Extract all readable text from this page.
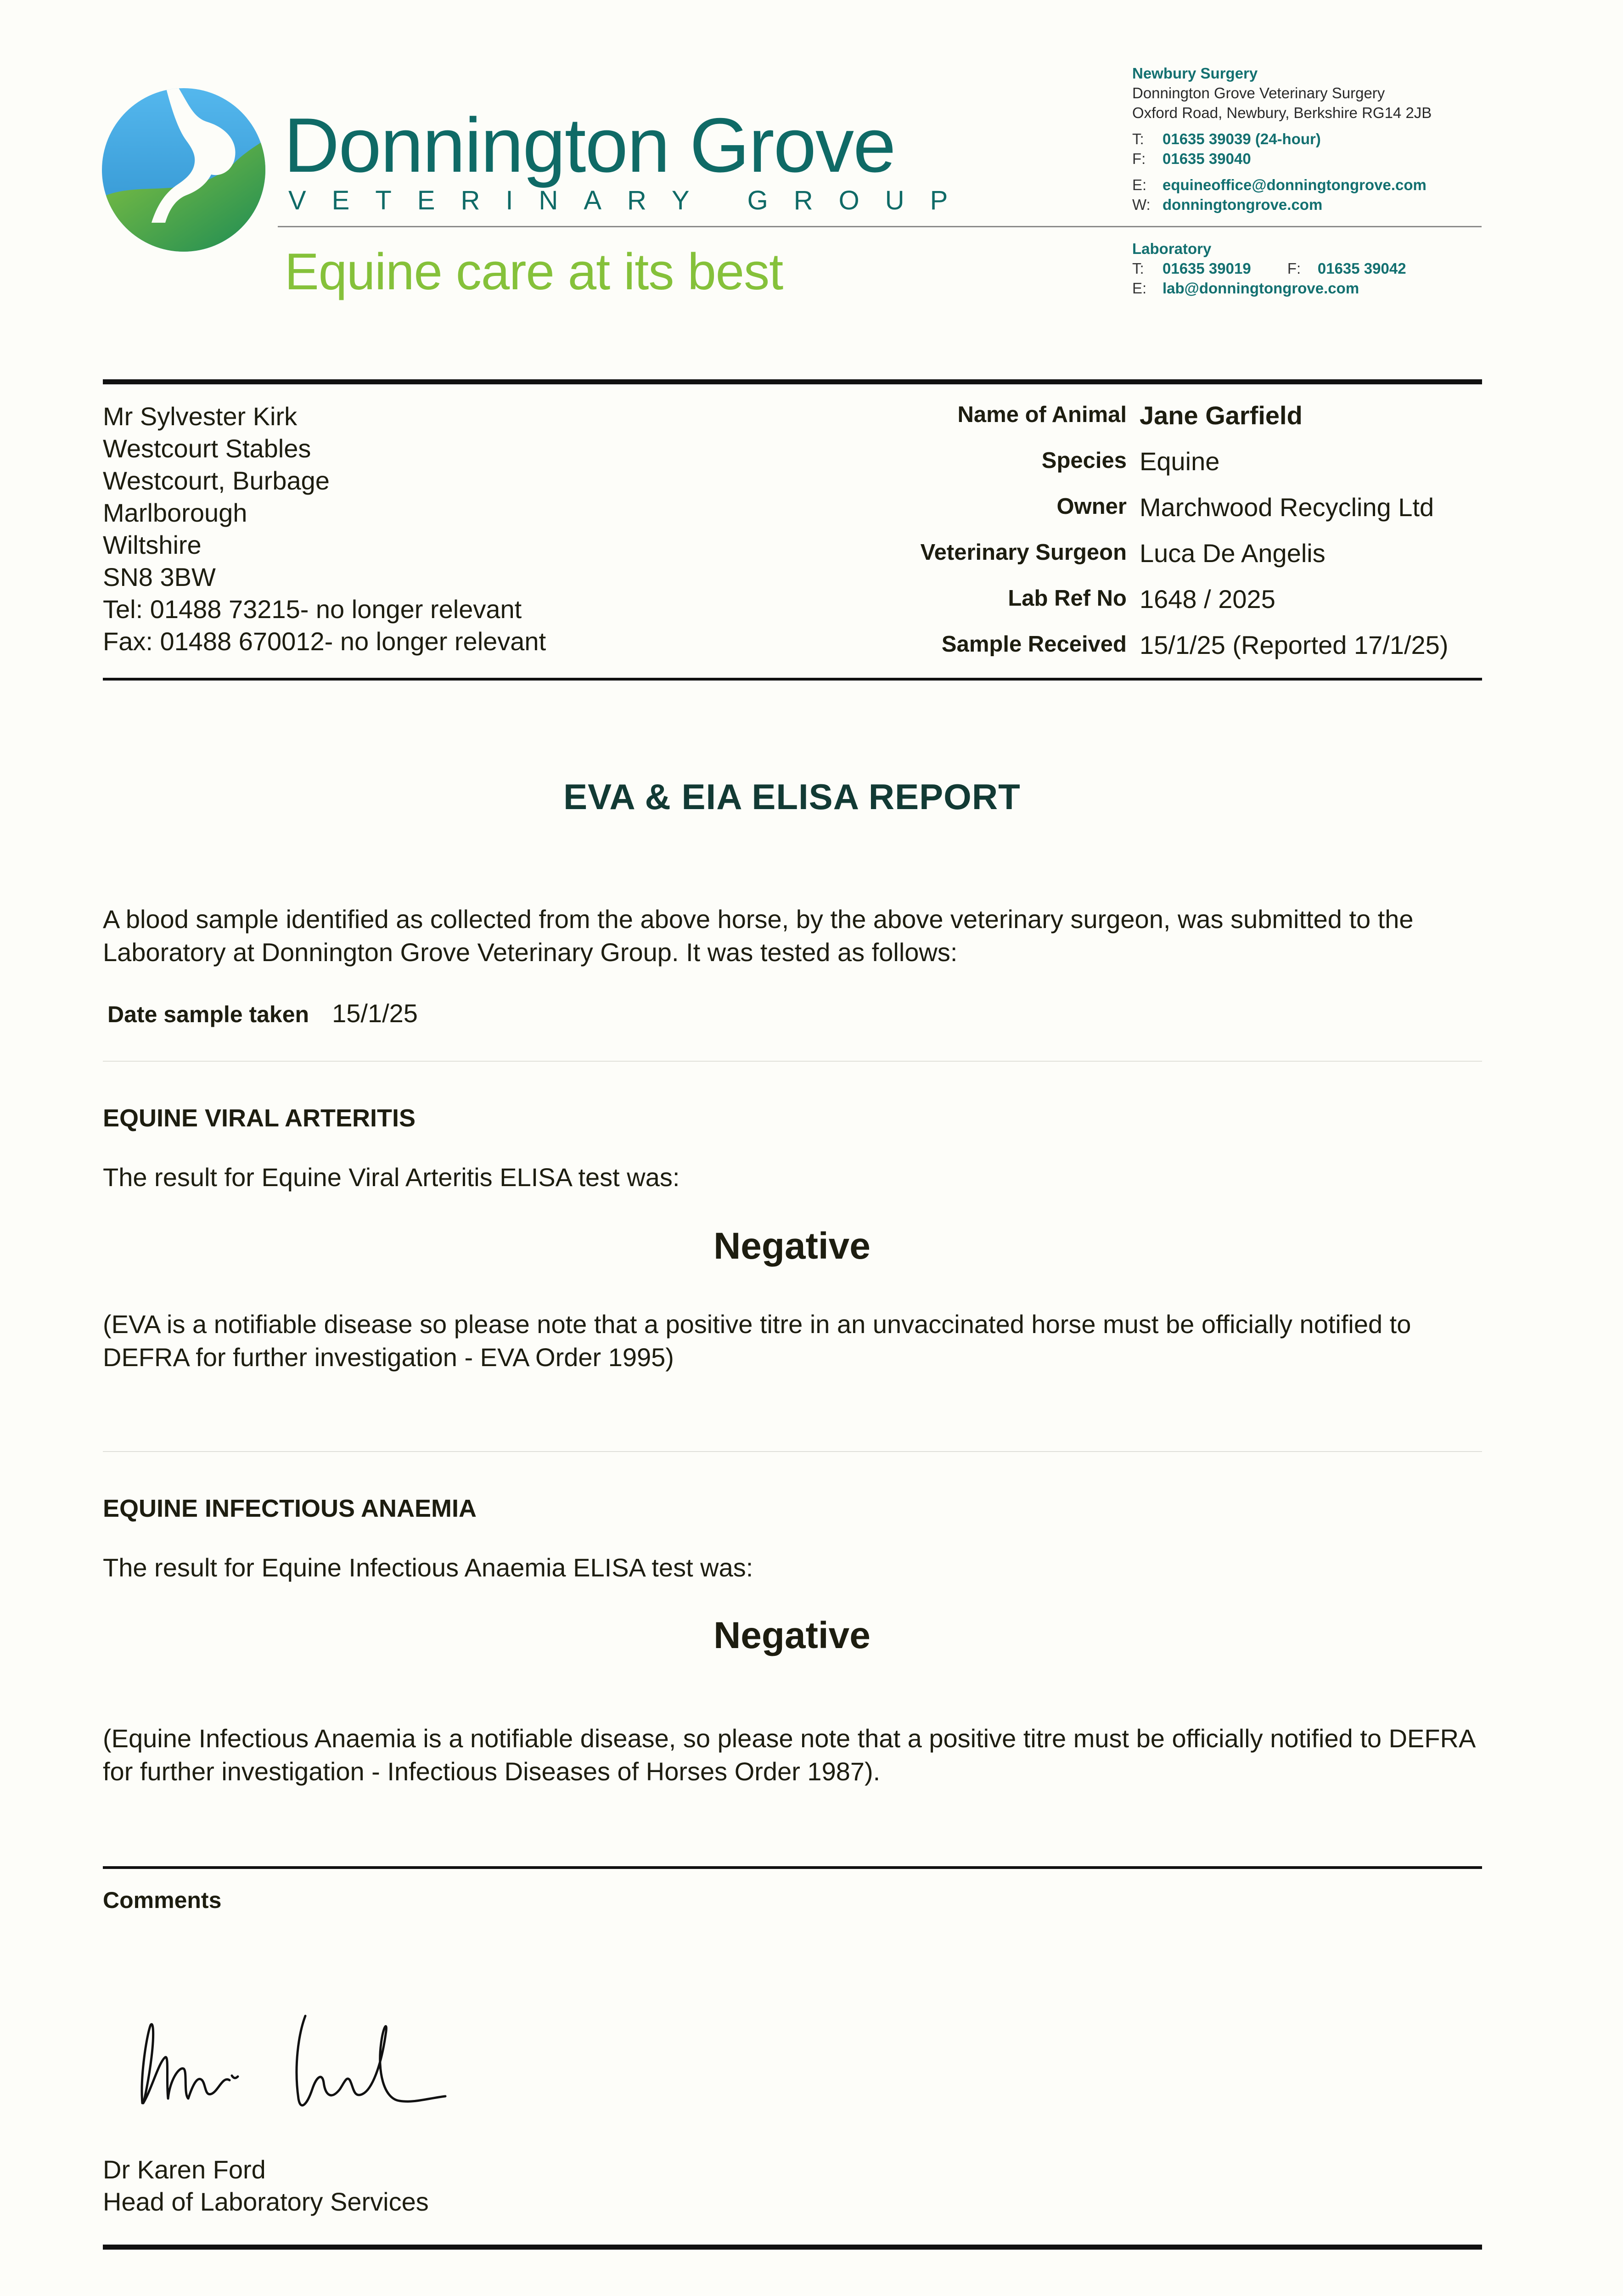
Donnington Grove
VETERINARY GROUP
Equine care at its best
Newbury Surgery
Donnington Grove Veterinary Surgery
Oxford Road, Newbury, Berkshire RG14 2JB
T: 01635 39039 (24-hour)
F: 01635 39040
E: equineoffice@donningtongrove.com
W: donningtongrove.com
Laboratory
T: 01635 39019 F: 01635 39042
E: lab@donningtongrove.com
Mr Sylvester Kirk
Westcourt Stables
Westcourt, Burbage
Marlborough
Wiltshire
SN8 3BW
Tel: 01488 73215- no longer relevant
Fax: 01488 670012- no longer relevant
Name of Animal Jane Garfield
Species Equine
Owner Marchwood Recycling Ltd
Veterinary Surgeon Luca De Angelis
Lab Ref No 1648 / 2025
Sample Received 15/1/25 (Reported 17/1/25)
EVA & EIA ELISA REPORT
A blood sample identified as collected from the above horse, by the above veterinary surgeon, was submitted to the Laboratory at Donnington Grove Veterinary Group. It was tested as follows:
Date sample taken 15/1/25
EQUINE VIRAL ARTERITIS
The result for Equine Viral Arteritis ELISA test was:
Negative
(EVA is a notifiable disease so please note that a positive titre in an unvaccinated horse must be officially notified to DEFRA for further investigation - EVA Order 1995)
EQUINE INFECTIOUS ANAEMIA
The result for Equine Infectious Anaemia ELISA test was:
Negative
(Equine Infectious Anaemia is a notifiable disease, so please note that a positive titre must be officially notified to DEFRA for further investigation - Infectious Diseases of Horses Order 1987).
Comments
Dr Karen Ford
Head of Laboratory Services
